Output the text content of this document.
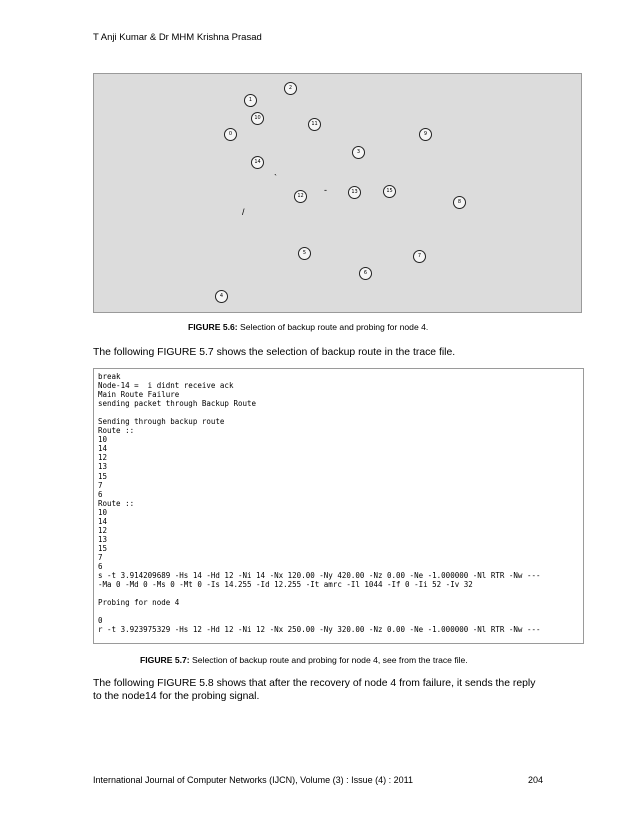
T Anji Kumar & Dr MHM Krishna Prasad
2
1
10
11
0	9
3
14
`
12
-	13	15
8
/
5	7
6
4
FIGURE 5.6: Selection of backup route and probing for node 4.
The following FIGURE 5.7 shows the selection of backup route in the trace file.
break
Node-14 =  i didnt receive ack
Main Route Failure
sending packet through Backup Route

Sending through backup route
Route ::
10
14
12
13
15
7
6
Route ::
10
14
12
13
15
7
6
s -t 3.914209689 -Hs 14 -Hd 12 -Ni 14 -Nx 120.00 -Ny 420.00 -Nz 0.00 -Ne -1.000000 -Nl RTR -Nw ---
-Ma 0 -Md 0 -Ms 0 -Mt 0 -Is 14.255 -Id 12.255 -It amrc -Il 1044 -If 0 -Ii 52 -Iv 32

Probing for node 4

0
r -t 3.923975329 -Hs 12 -Hd 12 -Ni 12 -Nx 250.00 -Ny 320.00 -Nz 0.00 -Ne -1.000000 -Nl RTR -Nw ---
FIGURE 5.7: Selection of backup route and probing for node 4, see from the trace file.
The following FIGURE 5.8 shows that after the recovery of node 4 from failure, it sends the reply
to the node14 for the probing signal.
International Journal of Computer Networks (IJCN), Volume (3) : Issue (4) : 2011	204
